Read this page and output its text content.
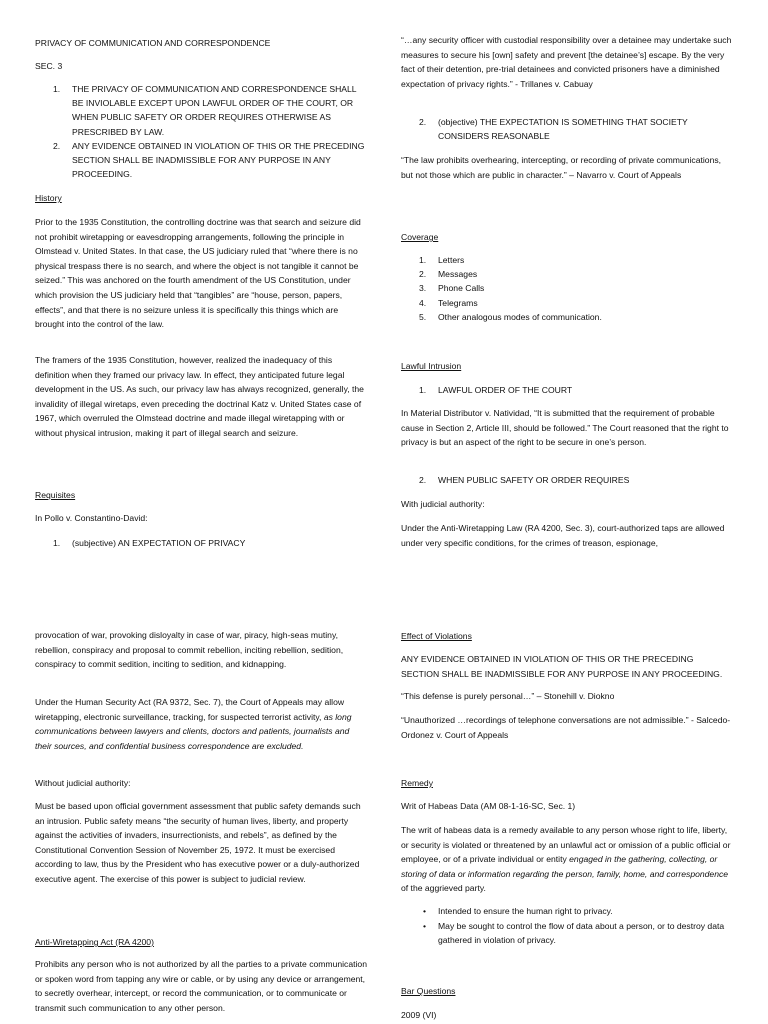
PRIVACY OF COMMUNICATION AND CORRESPONDENCE

SEC. 3

1. THE PRIVACY OF COMMUNICATION AND CORRESPONDENCE SHALL BE INVIOLABLE EXCEPT UPON LAWFUL ORDER OF THE COURT, OR WHEN PUBLIC SAFETY OR ORDER REQUIRES OTHERWISE AS PRESCRIBED BY LAW.
2. ANY EVIDENCE OBTAINED IN VIOLATION OF THIS OR THE PRECEDING SECTION SHALL BE INADMISSIBLE FOR ANY PURPOSE IN ANY PROCEEDING.

History

Prior to the 1935 Constitution, the controlling doctrine was that search and seizure did not prohibit wiretapping or eavesdropping arrangements, following the principle in Olmstead v. United States. In that case, the US judiciary ruled that “where there is no physical trespass there is no search, and where the object is not tangible it cannot be seized.” This was anchored on the fourth amendment of the US Constitution, under which provision the US judiciary held that “tangibles” are “house, person, papers, effects”, and that there is no seizure unless it is specifically this things which are brought into the control of the law.

The framers of the 1935 Constitution, however, realized the inadequacy of this definition when they framed our privacy law. In effect, they anticipated future legal development in the US. As such, our privacy law has always recognized, generally, the invalidity of illegal wiretaps, even preceding the doctrinal Katz v. United States case of 1967, which overruled the Olmstead doctrine and made illegal wiretapping with or without physical intrusion, making it part of illegal search and seizure.

Requisites

“…any security officer with custodial responsibility over a detainee may undertake such measures to secure his [own] safety and prevent [the detainee’s] escape. By the very fact of their detention, pre-trial detainees and convicted prisoners have a diminished expectation of privacy rights.” - Trillanes v. Cabuay

2. (objective) THE EXPECTATION IS SOMETHING THAT SOCIETY CONSIDERS REASONABLE

“The law prohibits overhearing, intercepting, or recording of private communications, but not those which are public in character.” – Navarro v. Court of Appeals

Coverage

1. Letters
2. Messages
3. Phone Calls
4. Telegrams
5. Other analogous modes of communication.

Lawful Intrusion

1. LAWFUL ORDER OF THE COURT

In Material Distributor v. Natividad, “It is submitted that the requirement of probable cause in Section 2, Article III, should be followed.” The Court reasoned that the right to privacy is but an aspect of the right to be secure in one’s person.

2. WHEN PUBLIC SAFETY OR ORDER REQUIRES

With judicial authority:

provocation of war, provoking disloyalty in case of war, piracy, high-seas mutiny, rebellion, conspiracy and proposal to commit rebellion, inciting rebellion, sedition, conspiracy to commit sedition, inciting to sedition, and kidnapping.

Under the Human Security Act (RA 9372, Sec. 7), the Court of Appeals may allow wiretapping, electronic surveillance, tracking, for suspected terrorist activity, as long communications between lawyers and clients, doctors and patients, journalists and their sources, and confidential business correspondence are excluded.

Without judicial authority:

Must be based upon official government assessment that public safety demands such an intrusion. Public safety means “the security of human lives, liberty, and property against the activities of invaders, insurrectionists, and rebels”, as defined by the Constitutional Convention Session of November 25, 1972. It must be exercised according to law, thus by the President who has executive power or a duly-authorized executive agent. The exercise of this power is subject to judicial review.

Anti-Wiretapping Act (RA 4200)

Prohibits any person who is not authorized by all the parties to a private communication or spoken word from tapping any wire or cable, or by using any device or arrangement, to secretly overhear, intercept, or record the communication, or to communicate or transmit such communication to any other person.

Effect of Violations

ANY EVIDENCE OBTAINED IN VIOLATION OF THIS OR THE PRECEDING SECTION SHALL BE INADMISSIBLE FOR ANY PURPOSE IN ANY PROCEEDING.

“This defense is purely personal…” – Stonehill v. Diokno

“Unauthorized …recordings of telephone conversations are not admissible.” - Salcedo-Ordonez v. Court of Appeals

Remedy

Writ of Habeas Data (AM 08-1-16-SC, Sec. 1)

The writ of habeas data is a remedy available to any person whose right to life, liberty, or security is violated or threatened by an unlawful act or omission of a public official or employee, or of a private individual or entity engaged in the gathering, collecting, or storing of data or information regarding the person, family, home, and correspondence of the aggrieved party.

• Intended to ensure the human right to privacy.
• May be sought to control the flow of data about a person, or to destroy data gathered in violation of privacy.

Bar Questions

2009 (VI)

In Pollo v. Constantino-David:

1. (subjective) AN EXPECTATION OF PRIVACY

Under the Anti-Wiretapping Law (RA 4200, Sec. 3), court-authorized taps are allowed under very specific conditions, for the crimes of treason, espionage,
